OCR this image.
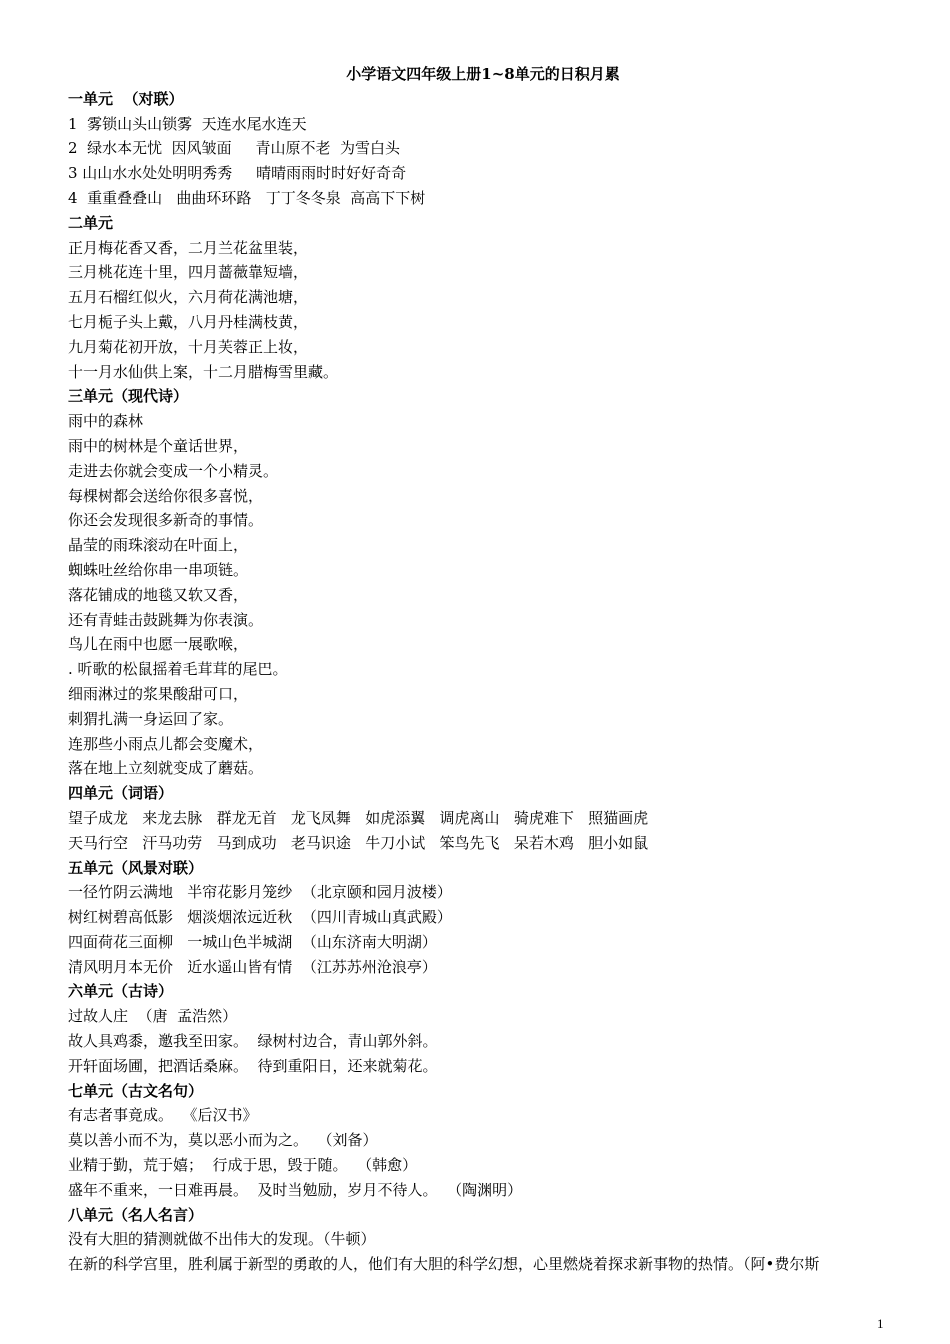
小学语文四年级上册1~8单元的日积月累
一单元  （对联）
1  雾锁山头山锁雾  天连水尾水连天
2  绿水本无忧  因风皱面     青山原不老  为雪白头
3 山山水水处处明明秀秀     晴晴雨雨时时好好奇奇
4  重重叠叠山   曲曲环环路   丁丁冬冬泉  高高下下树
二单元
正月梅花香又香，二月兰花盆里装，
三月桃花连十里，四月蔷薇靠短墙，
五月石榴红似火，六月荷花满池塘，
七月栀子头上戴，八月丹桂满枝黄，
九月菊花初开放，十月芙蓉正上妆，
十一月水仙供上案，十二月腊梅雪里藏。
三单元（现代诗）
雨中的森林
雨中的树林是个童话世界，
走进去你就会变成一个小精灵。
每棵树都会送给你很多喜悦，
你还会发现很多新奇的事情。
晶莹的雨珠滚动在叶面上，
蜘蛛吐丝给你串一串项链。
落花铺成的地毯又软又香，
还有青蛙击鼓跳舞为你表演。
鸟儿在雨中也愿一展歌喉，
. 听歌的松鼠摇着毛茸茸的尾巴。
细雨淋过的浆果酸甜可口，
刺猬扎满一身运回了家。
连那些小雨点儿都会变魔术，
落在地上立刻就变成了蘑菇。
四单元（词语）
望子成龙   来龙去脉   群龙无首   龙飞凤舞   如虎添翼   调虎离山   骑虎难下   照猫画虎
天马行空   汗马功劳   马到成功   老马识途   牛刀小试   笨鸟先飞   呆若木鸡   胆小如鼠
五单元（风景对联）
一径竹阴云满地   半帘花影月笼纱  （北京颐和园月波楼）
树红树碧高低影   烟淡烟浓远近秋  （四川青城山真武殿）
四面荷花三面柳   一城山色半城湖  （山东济南大明湖）
清风明月本无价   近水遥山皆有情  （江苏苏州沧浪亭）
六单元（古诗）
过故人庄  （唐  孟浩然）
故人具鸡黍，邀我至田家。  绿树村边合，青山郭外斜。
开轩面场圃，把酒话桑麻。  待到重阳日，还来就菊花。
七单元（古文名句）
有志者事竟成。  《后汉书》
莫以善小而不为，莫以恶小而为之。  （刘备）
业精于勤，荒于嬉；  行成于思，毁于随。  （韩愈）
盛年不重来，一日难再晨。  及时当勉励，岁月不待人。  （陶渊明）
八单元（名人名言）
没有大胆的猜测就做不出伟大的发现。（牛顿）
在新的科学宫里，胜利属于新型的勇敢的人，他们有大胆的科学幻想，心里燃烧着探求新事物的热情。（阿•费尔斯
1
